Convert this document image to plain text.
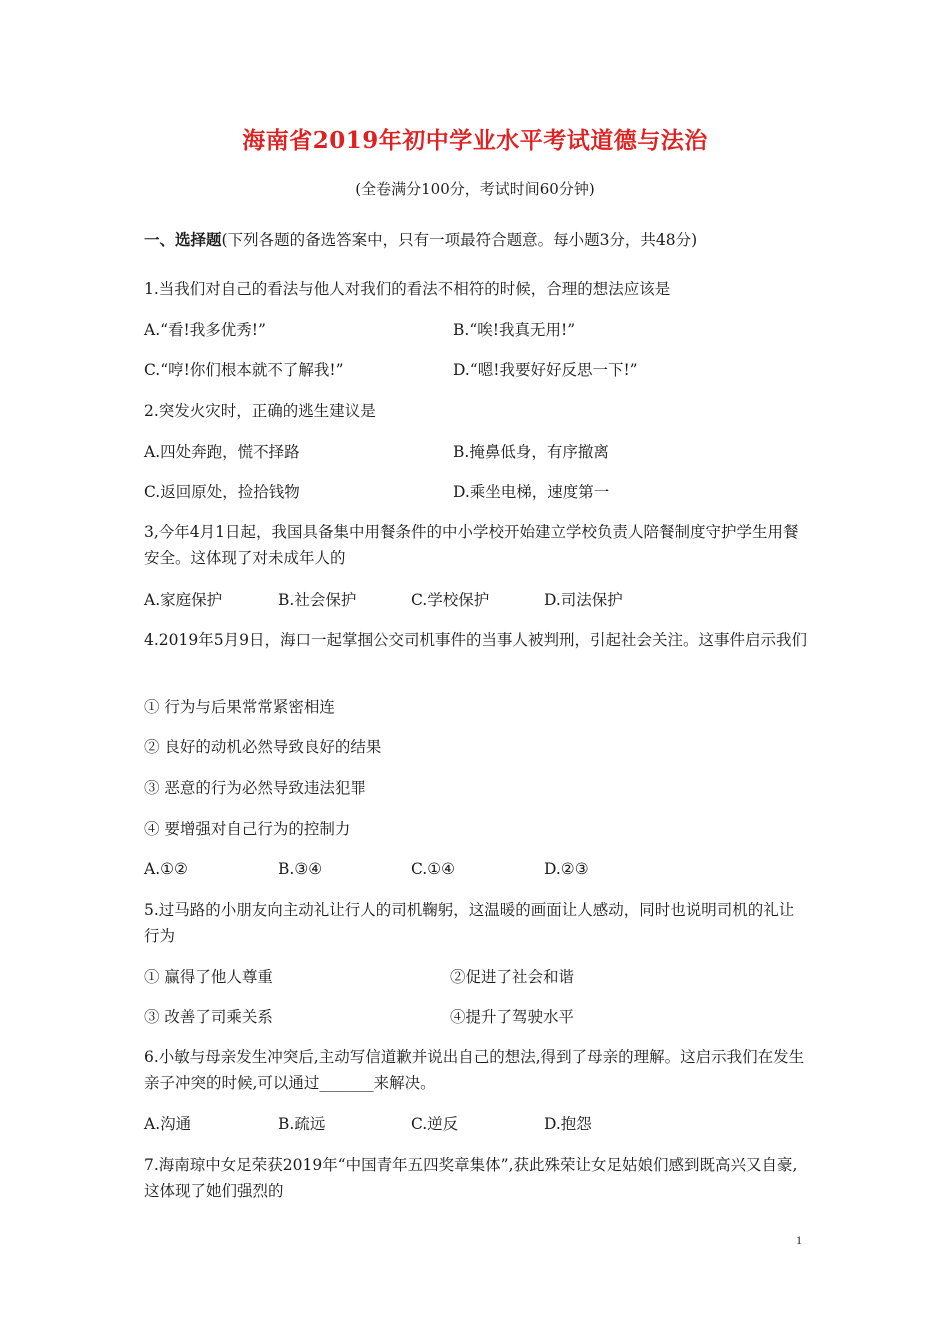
海南省2019年初中学业水平考试道德与法治
(全卷满分100分，考试时间60分钟)
一、选择题(下列各题的备选答案中，只有一项最符合题意。每小题3分，共48分)
1.当我们对自己的看法与他人对我们的看法不相符的时候，合理的想法应该是
A.“看!我多优秀!”	B.“唉!我真无用!”
C.“哼!你们根本就不了解我!”	D.“嗯!我要好好反思一下!”
2.突发火灾时，正确的逃生建议是
A.四处奔跑，慌不择路	B.掩鼻低身，有序撤离
C.返回原处，捡拾钱物	D.乘坐电梯，速度第一
3,今年4月1日起，我国具备集中用餐条件的中小学校开始建立学校负责人陪餐制度守护学生用餐安全。这体现了对未成年人的
A.家庭保护	B.社会保护	C.学校保护	D.司法保护
4.2019年5月9日，海口一起掌掴公交司机事件的当事人被判刑，引起社会关注。这事件启示我们
① 行为与后果常常紧密相连
② 良好的动机必然导致良好的结果
③ 恶意的行为必然导致违法犯罪
④ 要增强对自己行为的控制力
A.①②	B.③④	C.①④	D.②③
5.过马路的小朋友向主动礼让行人的司机鞠躬，这温暖的画面让人感动，同时也说明司机的礼让行为
① 赢得了他人尊重	②促进了社会和谐
③ 改善了司乘关系	④提升了驾驶水平
6.小敏与母亲发生冲突后,主动写信道歉并说出自己的想法,得到了母亲的理解。这启示我们在发生亲子冲突的时候,可以通过_______来解决。
A.沟通	B.疏远	C.逆反	D.抱怨
7.海南琼中女足荣获2019年“中国青年五四奖章集体”,获此殊荣让女足姑娘们感到既高兴又自豪,这体现了她们强烈的
1
